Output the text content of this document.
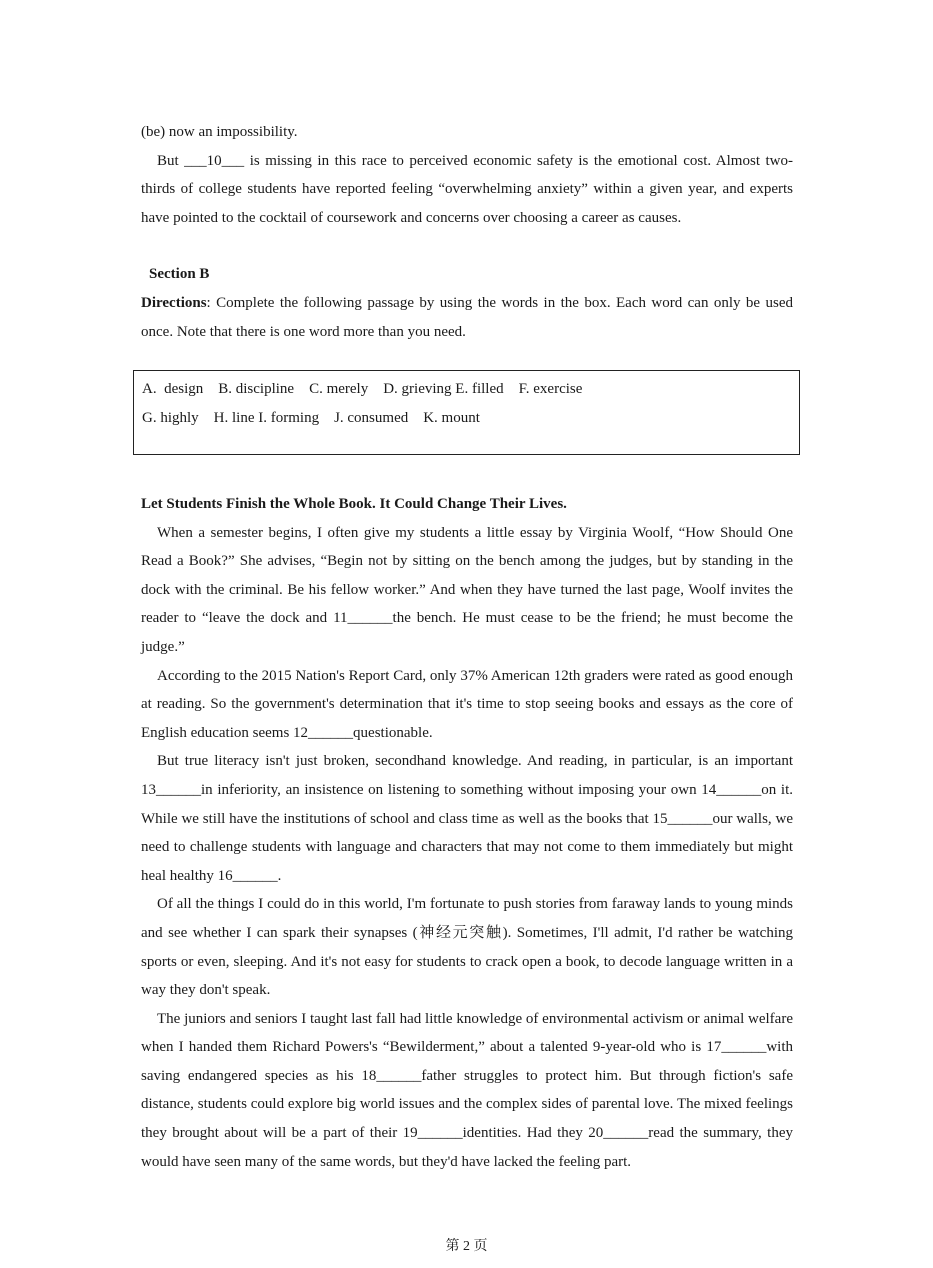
(be) now an impossibility.

But ___10___ is missing in this race to perceived economic safety is the emotional cost. Almost two-thirds of college students have reported feeling “overwhelming anxiety” within a given year, and experts have pointed to the cocktail of coursework and concerns over choosing a career as causes.

Section B

Directions: Complete the following passage by using the words in the box. Each word can only be used once. Note that there is one word more than you need.

A.  design    B. discipline    C. merely    D. grieving E. filled    F. exercise

G. highly    H. line I. forming    J. consumed    K. mount

Let Students Finish the Whole Book. It Could Change Their Lives.

When a semester begins, I often give my students a little essay by Virginia Woolf, “How Should One Read a Book?” She advises, “Begin not by sitting on the bench among the judges, but by standing in the dock with the criminal. Be his fellow worker.” And when they have turned the last page, Woolf invites the reader to “leave the dock and 11______the bench. He must cease to be the friend; he must become the judge.”

According to the 2015 Nation's Report Card, only 37% American 12th graders were rated as good enough at reading. So the government's determination that it's time to stop seeing books and essays as the core of English education seems 12______questionable.

But true literacy isn't just broken, secondhand knowledge. And reading, in particular, is an important 13______in inferiority, an insistence on listening to something without imposing your own 14______on it. While we still have the institutions of school and class time as well as the books that 15______our walls, we need to challenge students with language and characters that may not come to them immediately but might heal healthy 16______.

Of all the things I could do in this world, I'm fortunate to push stories from faraway lands to young minds and see whether I can spark their synapses (神经元突触). Sometimes, I'll admit, I'd rather be watching sports or even, sleeping. And it's not easy for students to crack open a book, to decode language written in a way they don't speak.

The juniors and seniors I taught last fall had little knowledge of environmental activism or animal welfare when I handed them Richard Powers's “Bewilderment,” about a talented 9-year-old who is 17______with saving endangered species as his 18______father struggles to protect him. But through fiction's safe distance, students could explore big world issues and the complex sides of parental love. The mixed feelings they brought about will be a part of their 19______identities. Had they 20______read the summary, they would have seen many of the same words, but they'd have lacked the feeling part.

第 2 页
